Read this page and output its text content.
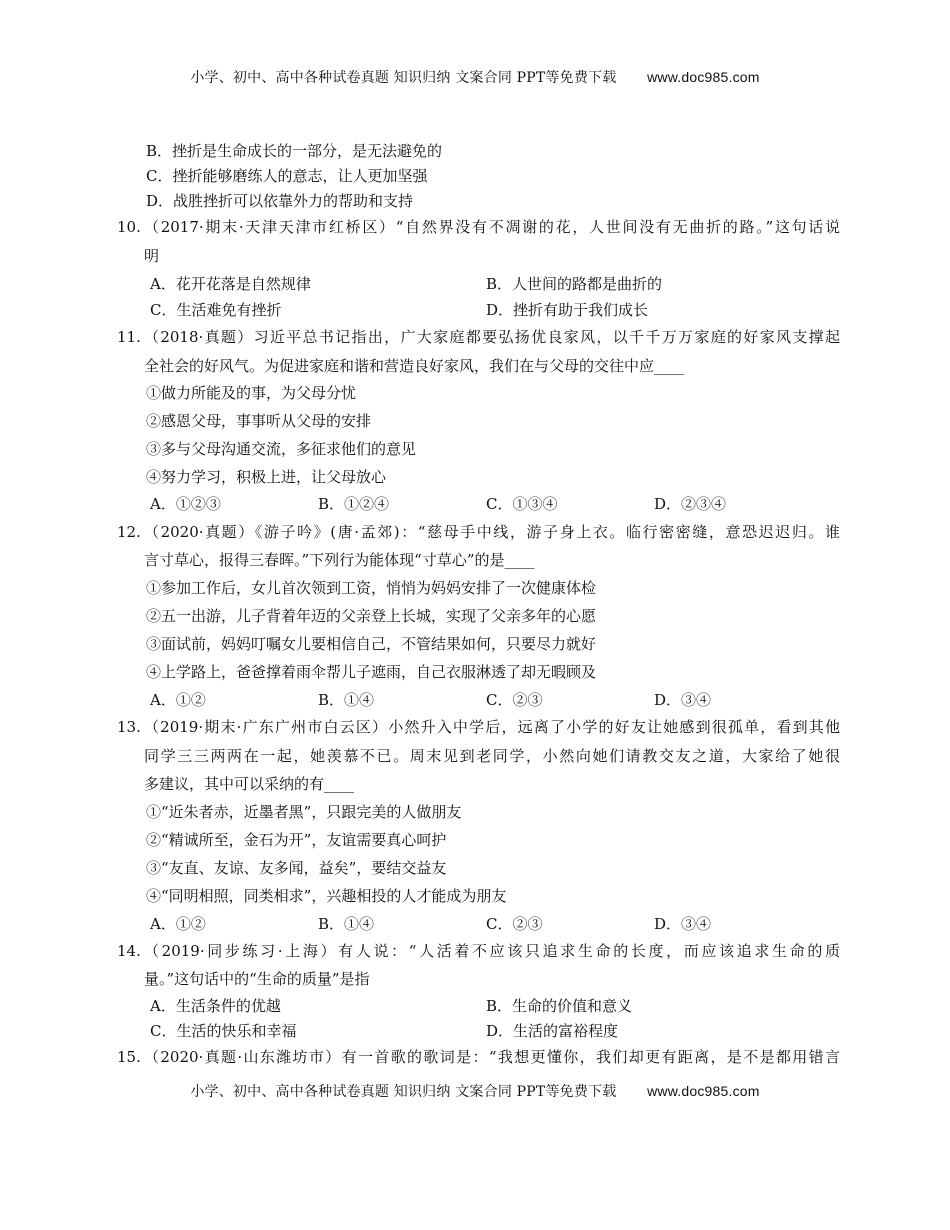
小学、初中、高中各种试卷真题 知识归纳 文案合同 PPT等免费下载 www.doc985.com
B．挫折是生命成长的一部分，是无法避免的
C．挫折能够磨练人的意志，让人更加坚强
D．战胜挫折可以依靠外力的帮助和支持
10. （2017·期末·天津天津市红桥区）“自然界没有不凋谢的花，人世间没有无曲折的路。”这句话说
明
A．花开花落是自然规律	B．人世间的路都是曲折的
C．生活难免有挫折	D．挫折有助于我们成长
11. （2018·真题）习近平总书记指出，广大家庭都要弘扬优良家风，以千千万万家庭的好家风支撑起
全社会的好风气。为促进家庭和谐和营造良好家风，我们在与父母的交往中应____
①做力所能及的事，为父母分忧
②感恩父母，事事听从父母的安排
③多与父母沟通交流，多征求他们的意见
④努力学习，积极上进，让父母放心
A．①②③	B．①②④	C．①③④	D．②③④
12. （2020·真题）《游子吟》(唐·孟郊)：“慈母手中线，游子身上衣。临行密密缝，意恐迟迟归。谁
言寸草心，报得三春晖。”下列行为能体现“寸草心”的是____
①参加工作后，女儿首次领到工资，悄悄为妈妈安排了一次健康体检
②五一出游，儿子背着年迈的父亲登上长城，实现了父亲多年的心愿
③面试前，妈妈叮嘱女儿要相信自己，不管结果如何，只要尽力就好
④上学路上，爸爸撑着雨伞帮儿子遮雨，自己衣服淋透了却无暇顾及
A．①②	B．①④	C．②③	D．③④
13. （2019·期末·广东广州市白云区）小然升入中学后，远离了小学的好友让她感到很孤单，看到其他
同学三三两两在一起，她羡慕不已。周末见到老同学，小然向她们请教交友之道，大家给了她很
多建议，其中可以采纳的有____
①“近朱者赤，近墨者黑”，只跟完美的人做朋友
②“精诚所至，金石为开”，友谊需要真心呵护
③“友直、友谅、友多闻，益矣”，要结交益友
④“同明相照，同类相求”，兴趣相投的人才能成为朋友
A．①②	B．①④	C．②③	D．③④
14. （2019·同步练习·上海）有人说：“人活着不应该只追求生命的长度，而应该追求生命的质
量。”这句话中的“生命的质量”是指
A．生活条件的优越	B．生命的价值和意义
C．生活的快乐和幸福	D．生活的富裕程度
15. （2020·真题·山东潍坊市）有一首歌的歌词是：“我想更懂你，我们却更有距离，是不是都用错言
小学、初中、高中各种试卷真题 知识归纳 文案合同 PPT等免费下载 www.doc985.com
